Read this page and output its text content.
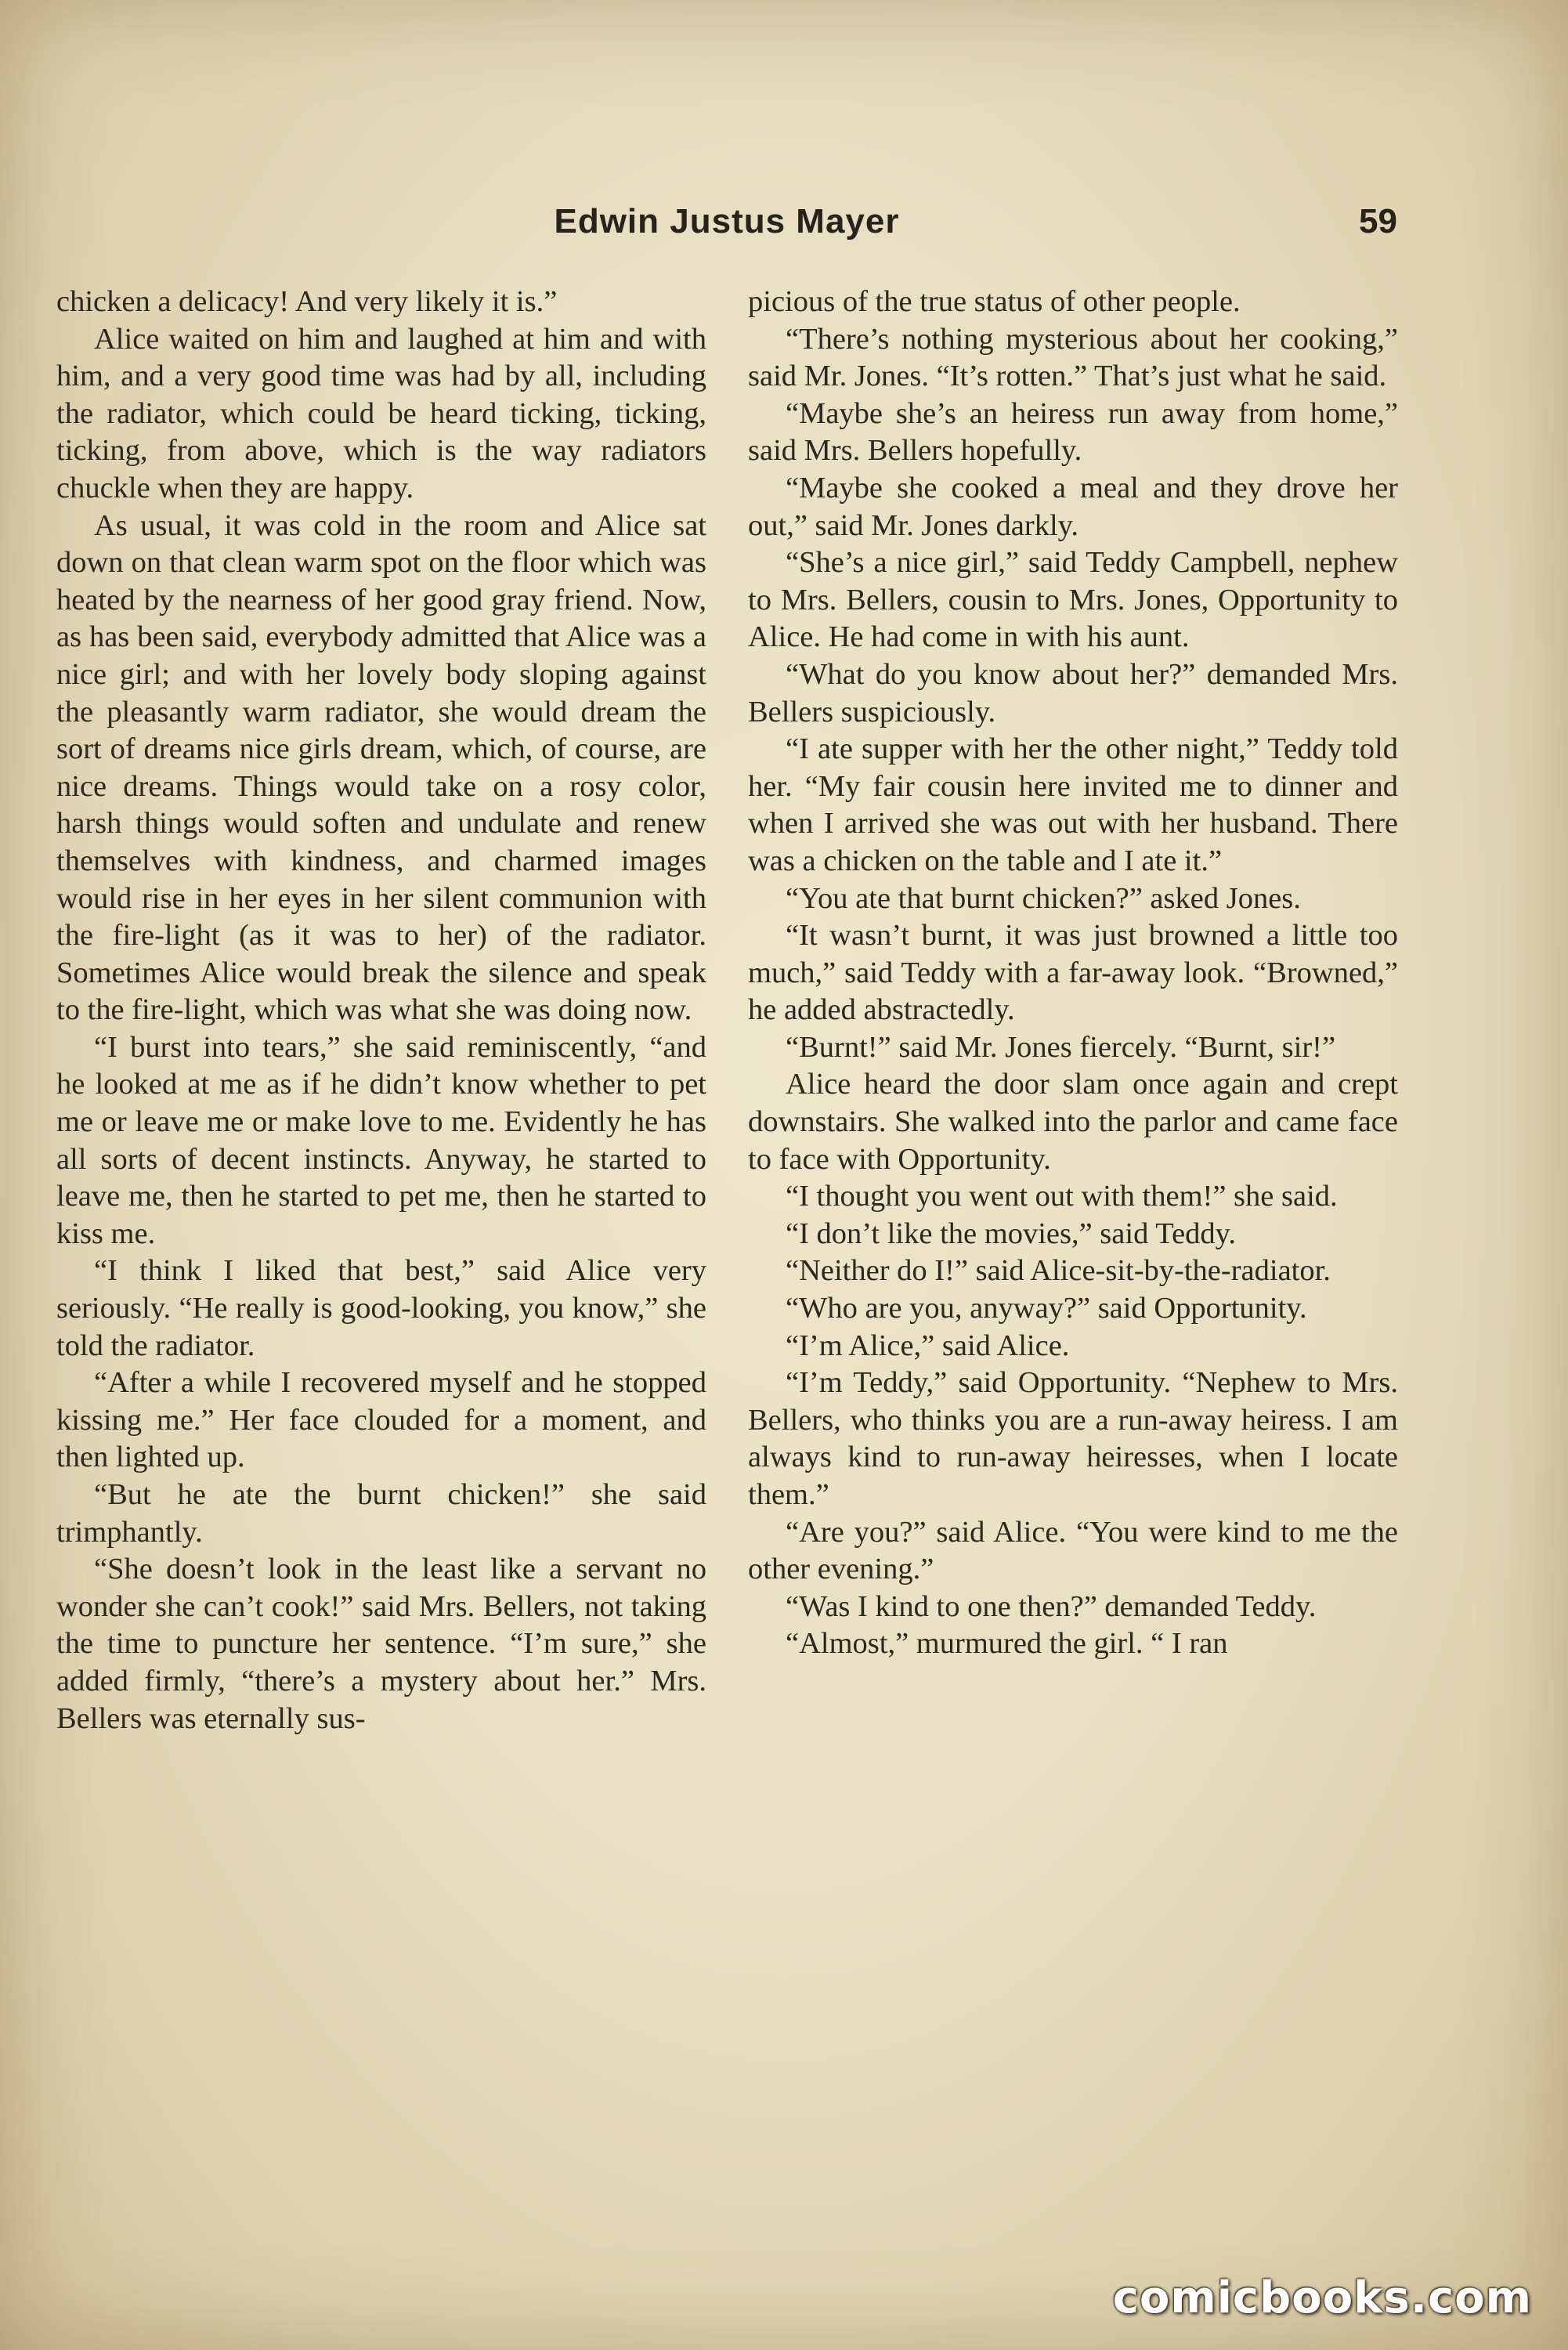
Edwin Justus Mayer	59

chicken a delicacy! And very likely it is.”

Alice waited on him and laughed at him and with him, and a very good time was had by all, including the radiator, which could be heard ticking, ticking, ticking, from above, which is the way radiators chuckle when they are happy.

As usual, it was cold in the room and Alice sat down on that clean warm spot on the floor which was heated by the nearness of her good gray friend. Now, as has been said, everybody admitted that Alice was a nice girl; and with her lovely body sloping against the pleasantly warm radiator, she would dream the sort of dreams nice girls dream, which, of course, are nice dreams. Things would take on a rosy color, harsh things would soften and undulate and renew themselves with kindness, and charmed images would rise in her eyes in her silent communion with the fire-light (as it was to her) of the radiator. Sometimes Alice would break the silence and speak to the fire-light, which was what she was doing now.

“I burst into tears,” she said reminiscently, “and he looked at me as if he didn’t know whether to pet me or leave me or make love to me. Evidently he has all sorts of decent instincts. Anyway, he started to leave me, then he started to pet me, then he started to kiss me.

“I think I liked that best,” said Alice very seriously. “He really is good-looking, you know,” she told the radiator.

“After a while I recovered myself and he stopped kissing me.” Her face clouded for a moment, and then lighted up.

“But he ate the burnt chicken!” she said trimphantly.

“She doesn’t look in the least like a servant no wonder she can’t cook!” said Mrs. Bellers, not taking the time to puncture her sentence. “I’m sure,” she added firmly, “there’s a mystery about her.” Mrs. Bellers was eternally sus-

picious of the true status of other people.

“There’s nothing mysterious about her cooking,” said Mr. Jones. “It’s rotten.” That’s just what he said.

“Maybe she’s an heiress run away from home,” said Mrs. Bellers hopefully.

“Maybe she cooked a meal and they drove her out,” said Mr. Jones darkly.

“She’s a nice girl,” said Teddy Campbell, nephew to Mrs. Bellers, cousin to Mrs. Jones, Opportunity to Alice. He had come in with his aunt.

“What do you know about her?” demanded Mrs. Bellers suspiciously.

“I ate supper with her the other night,” Teddy told her. “My fair cousin here invited me to dinner and when I arrived she was out with her husband. There was a chicken on the table and I ate it.”

“You ate that burnt chicken?” asked Jones.

“It wasn’t burnt, it was just browned a little too much,” said Teddy with a far-away look. “Browned,” he added abstractedly.

“Burnt!” said Mr. Jones fiercely. “Burnt, sir!”

Alice heard the door slam once again and crept downstairs. She walked into the parlor and came face to face with Opportunity.

“I thought you went out with them!” she said.

“I don’t like the movies,” said Teddy.

“Neither do I!” said Alice-sit-by-the-radiator.

“Who are you, anyway?” said Opportunity.

“I’m Alice,” said Alice.

“I’m Teddy,” said Opportunity. “Nephew to Mrs. Bellers, who thinks you are a run-away heiress. I am always kind to run-away heiresses, when I locate them.”

“Are you?” said Alice. “You were kind to me the other evening.”

“Was I kind to one then?” demanded Teddy.

“Almost,” murmured the girl. “ I ran

comicbooks.com
